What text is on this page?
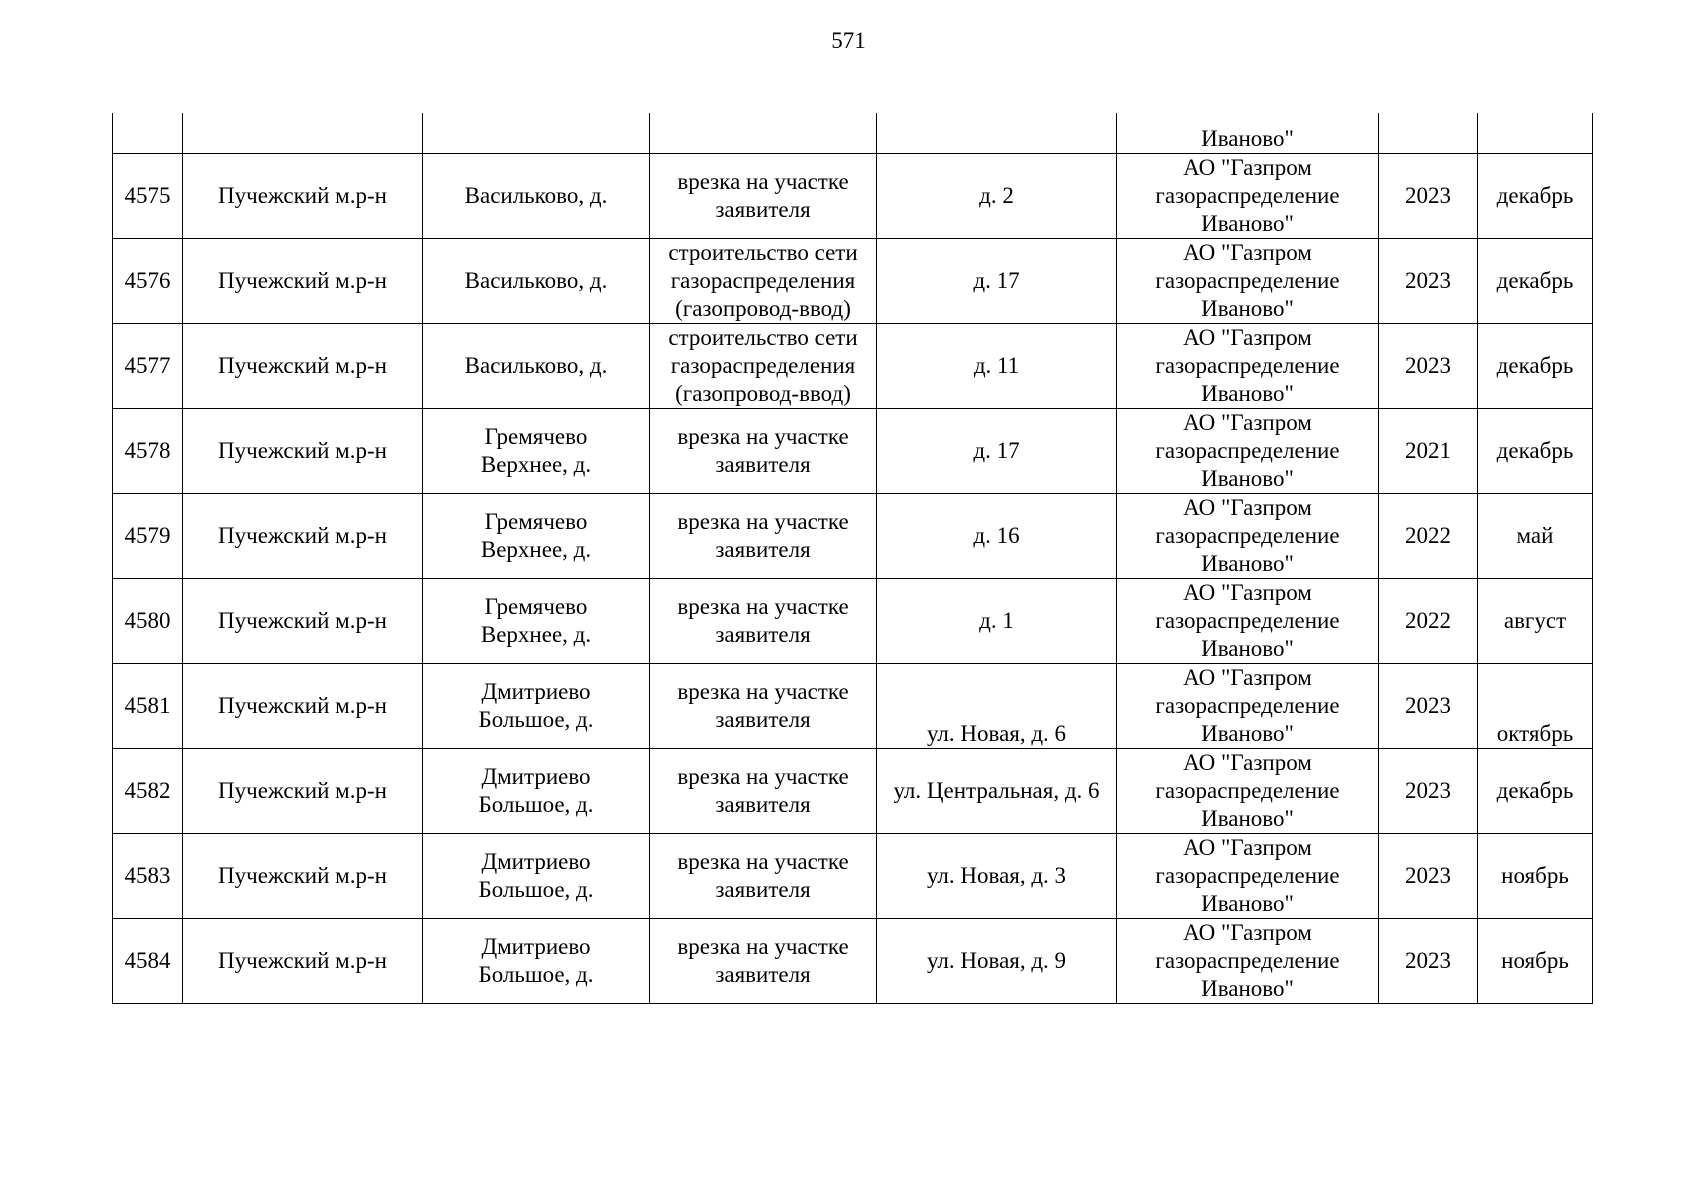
571

					Иваново"		

4575	Пучежский м.р-н	Васильково, д.	врезка на участке
заявителя	д. 2	АО "Газпром
газораспределение
Иваново"	2023	декабрь

4576	Пучежский м.р-н	Васильково, д.	строительство сети
газораспределения
(газопровод-ввод)	д. 17	АО "Газпром
газораспределение
Иваново"	2023	декабрь

4577	Пучежский м.р-н	Васильково, д.	строительство сети
газораспределения
(газопровод-ввод)	д. 11	АО "Газпром
газораспределение
Иваново"	2023	декабрь

4578	Пучежский м.р-н	Гремячево
Верхнее, д.	врезка на участке
заявителя	д. 17	АО "Газпром
газораспределение
Иваново"	2021	декабрь

4579	Пучежский м.р-н	Гремячево
Верхнее, д.	врезка на участке
заявителя	д. 16	АО "Газпром
газораспределение
Иваново"	2022	май

4580	Пучежский м.р-н	Гремячево
Верхнее, д.	врезка на участке
заявителя	д. 1	АО "Газпром
газораспределение
Иваново"	2022	август

4581	Пучежский м.р-н	Дмитриево
Большое, д.	врезка на участке
заявителя	ул. Новая, д. 6	АО "Газпром
газораспределение
Иваново"	2023	октябрь

4582	Пучежский м.р-н	Дмитриево
Большое, д.	врезка на участке
заявителя	ул. Центральная, д. 6	АО "Газпром
газораспределение
Иваново"	2023	декабрь

4583	Пучежский м.р-н	Дмитриево
Большое, д.	врезка на участке
заявителя	ул. Новая, д. 3	АО "Газпром
газораспределение
Иваново"	2023	ноябрь

4584	Пучежский м.р-н	Дмитриево
Большое, д.	врезка на участке
заявителя	ул. Новая, д. 9	АО "Газпром
газораспределение
Иваново"	2023	ноябрь
